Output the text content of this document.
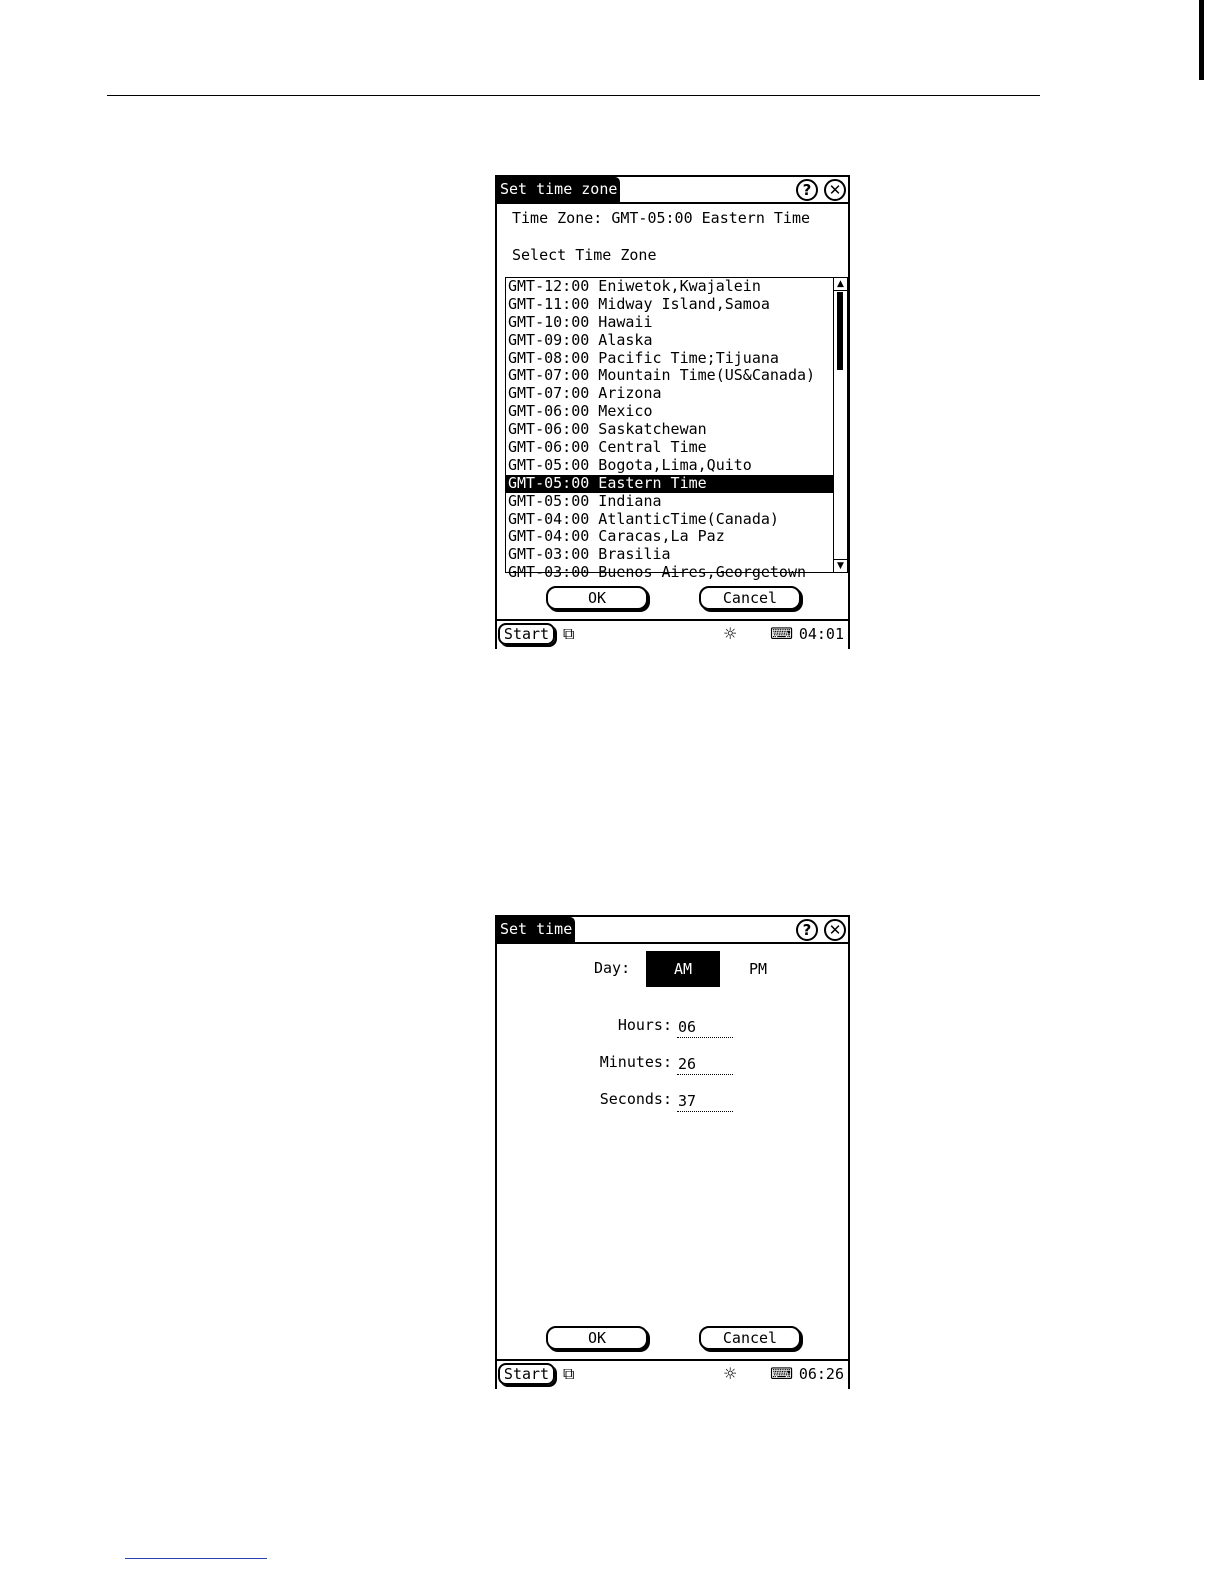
Set time zone	?	✕
Time Zone: GMT-05:00 Eastern Time
Select Time Zone
GMT-12:00 Eniwetok,Kwajalein
GMT-11:00 Midway Island,Samoa
GMT-10:00 Hawaii
GMT-09:00 Alaska
GMT-08:00 Pacific Time;Tijuana
GMT-07:00 Mountain Time(US&Canada)
GMT-07:00 Arizona
GMT-06:00 Mexico
GMT-06:00 Saskatchewan
GMT-06:00 Central Time
GMT-05:00 Bogota,Lima,Quito
GMT-05:00 Eastern Time
GMT-05:00 Indiana
GMT-04:00 AtlanticTime(Canada)
GMT-04:00 Caracas,La Paz
GMT-03:00 Brasilia
GMT-03:00 Buenos Aires,Georgetown
▲
▼
OK	Cancel
Start ⧉	☼ ⌨ 04:01
Set time	?	✕
Day:	AM	PM
Hours: 06
Minutes: 26
Seconds: 37
OK	Cancel
Start ⧉	☼ ⌨ 06:26
